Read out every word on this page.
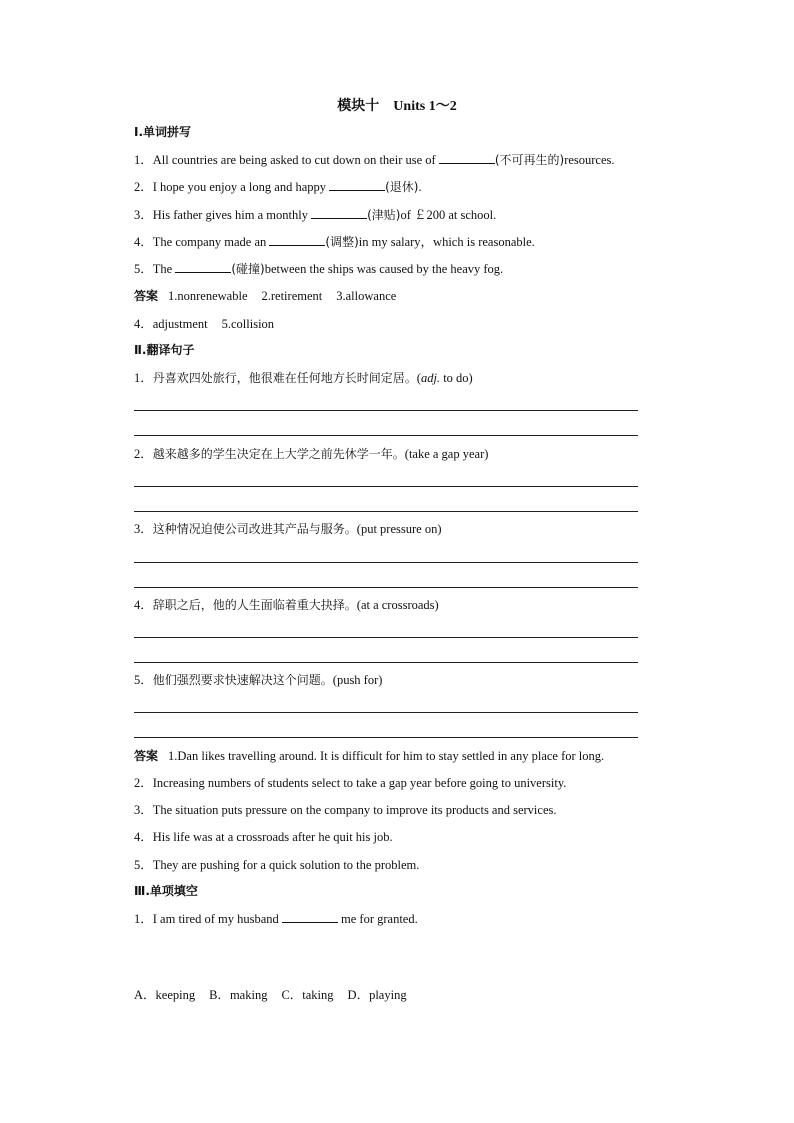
模块十　Units 1～2
Ⅰ.单词拼写
1．All countries are being asked to cut down on their use of	(不可再生的)resources.
2．I hope you enjoy a long and happy	(退休).
3．His father gives him a monthly	(津贴)of ￡200 at school.
4．The company made an	(调整)in my salary，which is reasonable.
5．The	(碰撞)between the ships was caused by the heavy fog.
答案 1.nonrenewable 2.retirement 3.allowance
4．adjustment 5.collision
Ⅱ.翻译句子
1．丹喜欢四处旅行，他很难在任何地方长时间定居。(adj. to do)
2．越来越多的学生决定在上大学之前先休学一年。(take a gap year)
3．这种情况迫使公司改进其产品与服务。(put pressure on)
4．辞职之后，他的人生面临着重大抉择。(at a crossroads)
5．他们强烈要求快速解决这个问题。(push for)
答案 1.Dan likes travelling around. It is difficult for him to stay settled in any place for long.
2．Increasing numbers of students select to take a gap year before going to university.
3．The situation puts pressure on the company to improve its products and services.
4．His life was at a crossroads after he quit his job.
5．They are pushing for a quick solution to the problem.
Ⅲ.单项填空
1．I am tired of my husband	me for granted.
A．keeping B．making C．taking D．playing
